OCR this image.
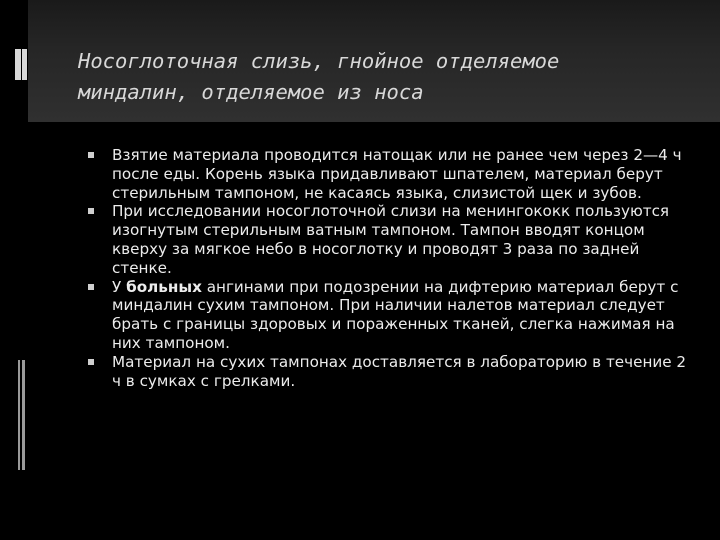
Носоглоточная слизь, гнойное отделяемое
миндалин, отделяемое из носа
Взятие материала проводится натощак или не ранее чем через 2—4 ч после еды. Корень языка придавливают шпателем, материал берут стерильным тампоном, не касаясь языка, слизистой щек и зубов.
При исследовании носоглоточной слизи на менингококк пользуются изогнутым стерильным ватным тампоном. Тампон вводят концом кверху за мягкое небо в носоглотку и проводят 3 раза по задней стенке.
У больных ангинами при подозрении на дифтерию материал берут с миндалин сухим тампоном. При наличии налетов материал следует брать с границы здоровых и пораженных тканей, слегка нажимая на них тампоном.
Материал на сухих тампонах доставляется в лабораторию в течение 2 ч в сумках с грелками.
